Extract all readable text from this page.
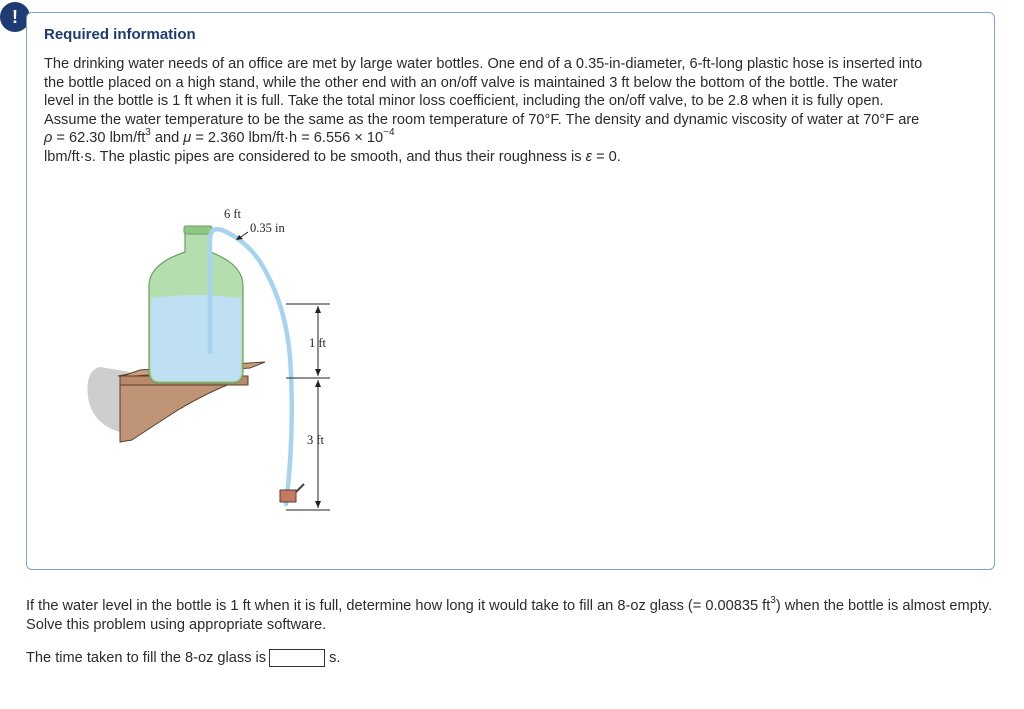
!
Required information

The drinking water needs of an office are met by large water bottles. One end of a 0.35-in-diameter, 6-ft-long plastic hose is inserted into the bottle placed on a high stand, while the other end with an on/off valve is maintained 3 ft below the bottom of the bottle. The water level in the bottle is 1 ft when it is full. Take the total minor loss coefficient, including the on/off valve, to be 2.8 when it is fully open. Assume the water temperature to be the same as the room temperature of 70°F. The density and dynamic viscosity of water at 70°F are ρ = 62.30 lbm/$ft^3$ and μ = 2.360 $lbm/ft\cdot h = 6.556 \times 10^{-4}$

lbm/ft·s. The plastic pipes are considered to be smooth, and thus their roughness is ε = 0.

6 ft
0.35 in
1 ft
3 ft

If the water level in the bottle is 1 ft when it is full, determine how long it would take to fill an 8-oz glass (= 0.00835 $ft^3$) when the bottle is almost empty. Solve this problem using appropriate software.

The time taken to fill the 8-oz glass is	s.
